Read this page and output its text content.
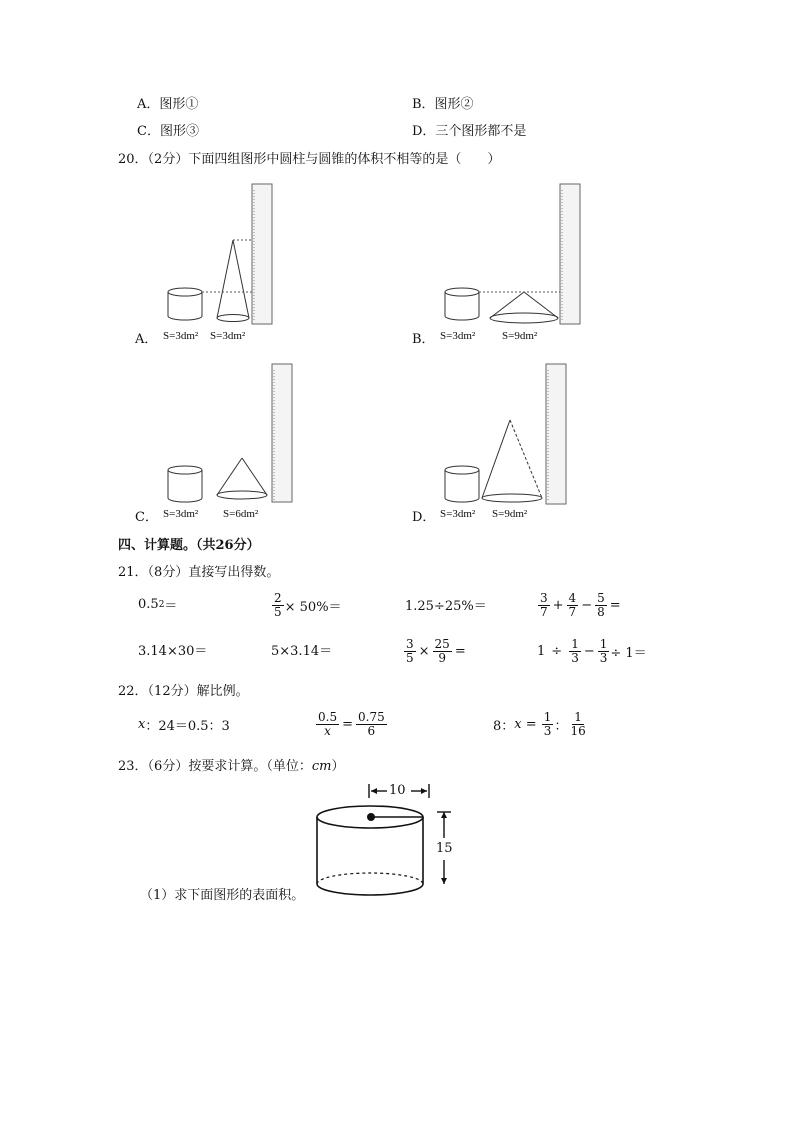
A．图形①	B．图形②
C．图形③	D．三个图形都不是
20．（2分）下面四组图形中圆柱与圆锥的体积不相等的是（　　）
A． S=3dm² S=3dm²	B． S=3dm² S=9dm²
C． S=3dm² S=6dm²	D． S=3dm² S=9dm²
四、计算题。（共26分）
21．（8分）直接写出得数。
0.5 2 ＝	$\frac{2}{5} \times 50\%=$	1.25÷25%＝	$\frac{3}{7} + \frac{4}{7} - \frac{5}{8}$ =
3.14×30＝	5×3.14＝	$\frac{3}{5} \times \frac{25}{9}$ =	$1 \div \frac{1}{3} - \frac{1}{3} \div 1=$
22．（12分）解比例。
x ：24＝0.5：3	$\frac{0.5}{x} = \frac{0.75}{6}$	8： $x = \frac{1}{3}$ ： $\frac{1}{16}$
23．（6分）按要求计算。（单位：cm）
10
15
（1）求下面图形的表面积。
